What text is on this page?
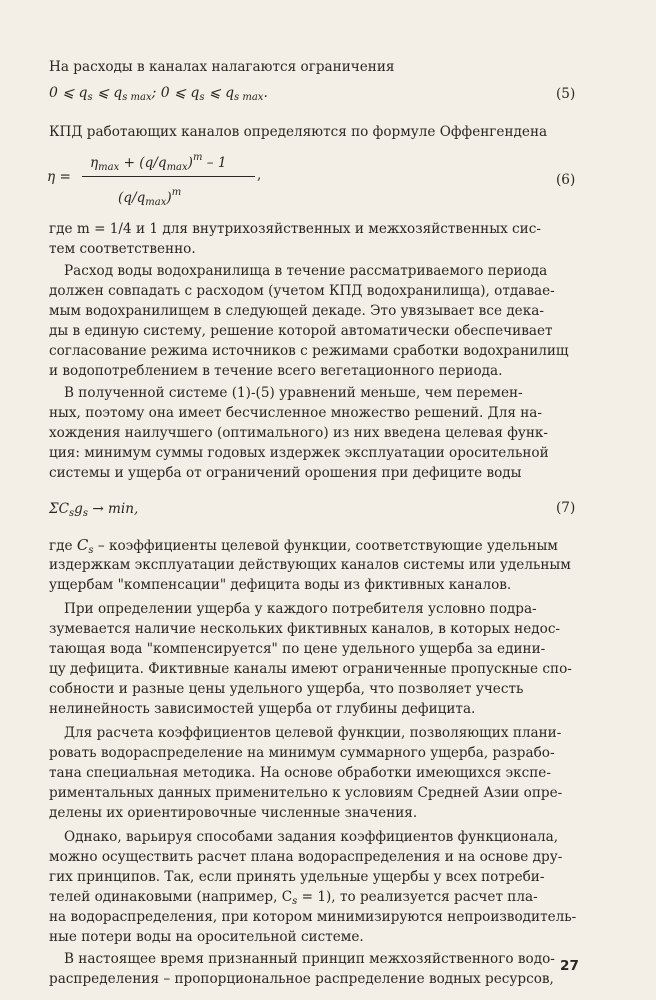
На расходы в каналах налагаются ограничения
0 ⩽ $q_s$ ⩽ $q_{s max}$; 0 ⩽ $q_s$ ⩽ $q_{s max}$.	(5)
КПД работающих каналов определяются по формуле Оффенгендена
η =
$\eta_{max} + (q/q_{max})^m - 1$
$(q/q_{max})^m$
,	(6)
где m = 1/4 и 1 для внутрихозяйственных и межхозяйственных сис-
тем соответственно.
Расход воды водохранилища в течение рассматриваемого периода
должен совпадать с расходом (учетом КПД водохранилища), отдавае-
мым водохранилищем в следующей декаде. Это увязывает все дека-
ды в единую систему, решение которой автоматически обеспечивает
согласование режима источников с режимами сработки водохранилищ
и водопотреблением в течение всего вегетационного периода.
В полученной системе (1)-(5) уравнений меньше, чем перемен-
ных, поэтому она имеет бесчисленное множество решений. Для на-
хождения наилучшего (оптимального) из них введена целевая функ-
ция: минимум суммы годовых издержек эксплуатации оросительной
системы и ущерба от ограничений орошения при дефиците воды
$\Sigma C_sg_s \to \min$,	(7)
где $C_s$ – коэффициенты целевой функции, соответствующие удельным
издержкам эксплуатации действующих каналов системы или удельным
ущербам "компенсации" дефицита воды из фиктивных каналов.
При определении ущерба у каждого потребителя условно подра-
зумевается наличие нескольких фиктивных каналов, в которых недос-
тающая вода "компенсируется" по цене удельного ущерба за едини-
цу дефицита. Фиктивные каналы имеют ограниченные пропускные спо-
собности и разные цены удельного ущерба, что позволяет учесть
нелинейность зависимостей ущерба от глубины дефицита.
Для расчета коэффициентов целевой функции, позволяющих плани-
ровать водораспределение на минимум суммарного ущерба, разрабо-
тана специальная методика. На основе обработки имеющихся экспе-
риментальных данных применительно к условиям Средней Азии опре-
делены их ориентировочные численные значения.
Однако, варьируя способами задания коэффициентов функционала,
можно осуществить расчет плана водораспределения и на основе дру-
гих принципов. Так, если принять удельные ущербы у всех потреби-
телей одинаковыми (например, $C_s = 1$), то реализуется расчет пла-
на водораспределения, при котором минимизируются непроизводитель-
ные потери воды на оросительной системе.
В настоящее время признанный принцип межхозяйственного водо-
распределения – пропорциональное распределение водных ресурсов,
27
